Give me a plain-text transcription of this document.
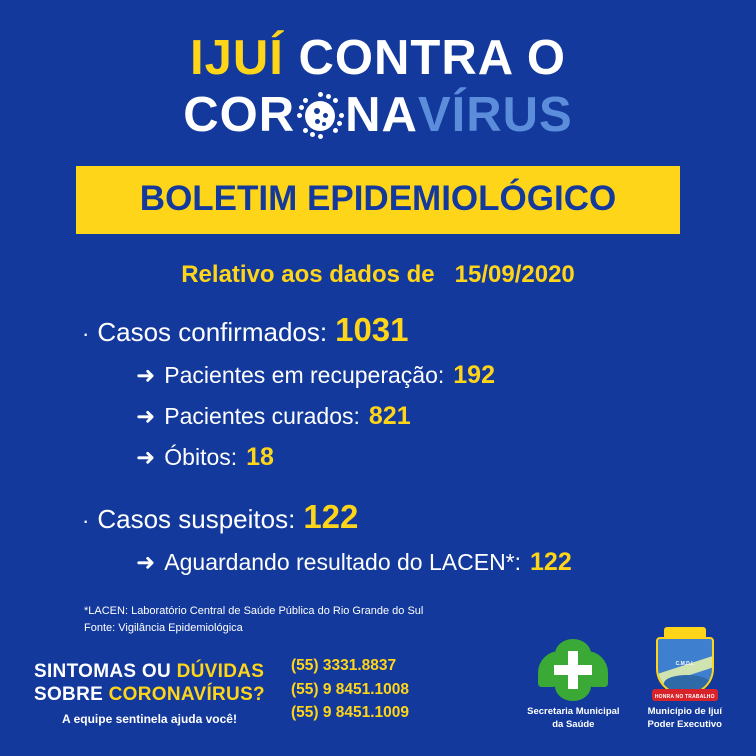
IJUÍ CONTRA O
COR NA VÍRUS
BOLETIM EPIDEMIOLÓGICO
Relativo aos dados de 15/09/2020
· Casos confirmados: 1031
➜ Pacientes em recuperação: 192
➜ Pacientes curados: 821
➜ Óbitos: 18
· Casos suspeitos: 122
➜ Aguardando resultado do LACEN*: 122
*LACEN: Laboratório Central de Saúde Pública do Rio Grande do Sul
Fonte: Vigilância Epidemiológica
SINTOMAS OU DÚVIDAS
SOBRE CORONAVÍRUS?
A equipe sentinela ajuda você!
(55) 3331.8837
(55) 9 8451.1008
(55) 9 8451.1009	Secretaria Municipal
da Saúde
C.M.D.I.
HONRA NO TRABALHO
Município de Ijuí
Poder Executivo
